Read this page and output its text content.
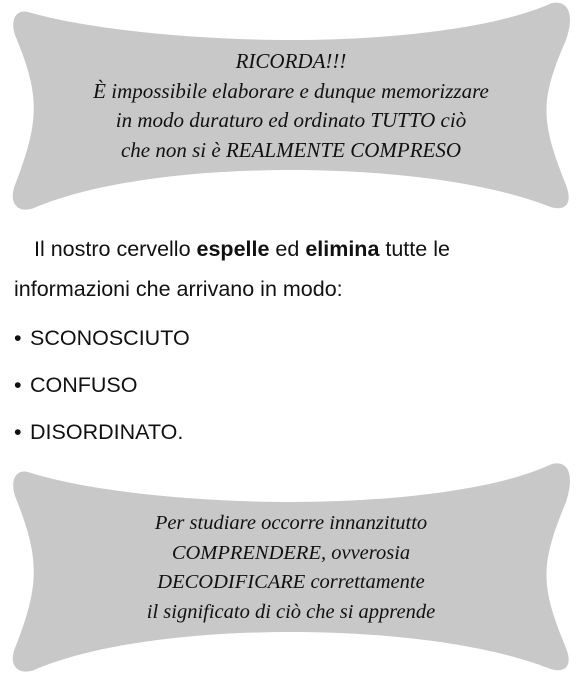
RICORDA!!!
È impossibile elaborare e dunque memorizzare
in modo duraturo ed ordinato TUTTO ciò
che non si è REALMENTE COMPRESO

Il nostro cervello espelle ed elimina tutte le
informazioni che arrivano in modo:

• SCONOSCIUTO
• CONFUSO
• DISORDINATO.
Per studiare occorre innanzitutto
COMPRENDERE, ovverosia
DECODIFICARE correttamente
il significato di ciò che si apprende
